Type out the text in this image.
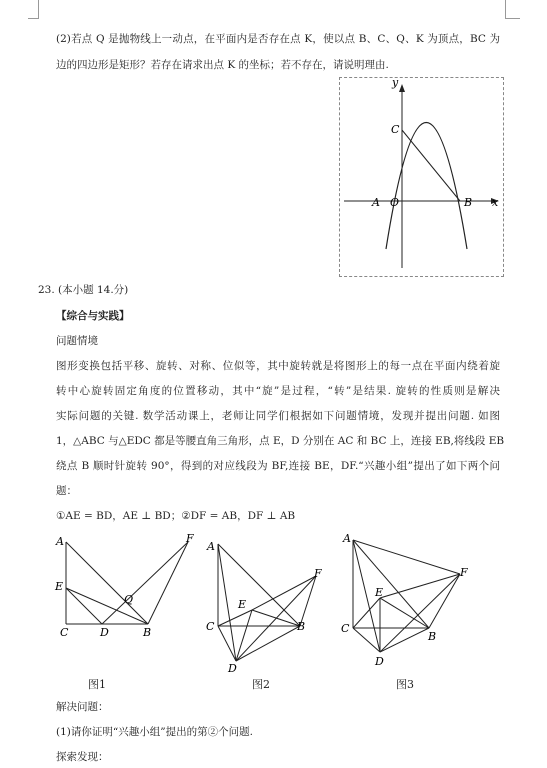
(2)若点 Q 是抛物线上一动点，在平面内是否存在点 K，使以点 B、C、Q、K 为顶点，BC 为
边的四边形是矩形？若存在请求出点 K 的坐标；若不存在，请说明理由.
y
x
C
A O	B
23. (本小题 14.分)
【综合与实践】
问题情境
图形变换包括平移、旋转、对称、位似等，其中旋转就是将图形上的每一点在平面内绕着旋
转中心旋转固定角度的位置移动，其中“旋”是过程，“转”是结果. 旋转的性质则是解决
实际问题的关键. 数学活动课上，老师让同学们根据如下问题情境，发现并提出问题. 如图
1，△ABC 与△EDC 都是等腰直角三角形，点 E，D 分别在 AC 和 BC 上，连接 EB,将线段 EB
绕点 B 顺时针旋转 90°，得到的对应线段为 BF,连接 BE，DF.“兴趣小组”提出了如下两个问
题：
①AE = BD，AE ⊥ BD；②DF = AB，DF ⊥ AB
A
E
C	D	B
F
Q
图1
A
C
E
D
B
F
图2
A
C
E
D
B
F
图3
解决问题：
(1)请你证明“兴趣小组”提出的第②个问题.
探索发现：
